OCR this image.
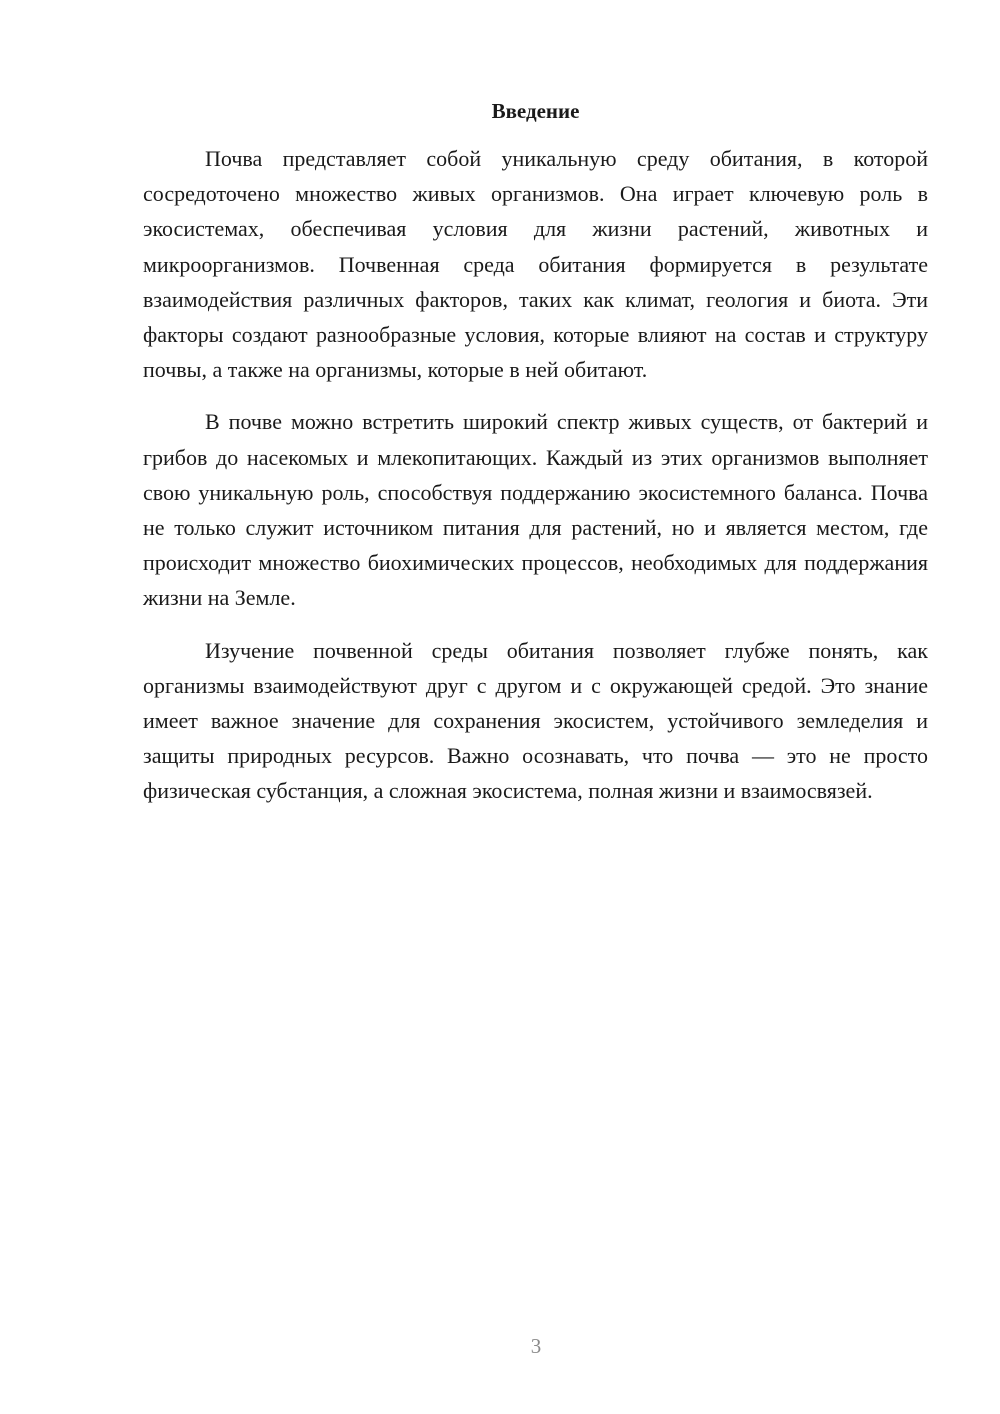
Введение

Почва представляет собой уникальную среду обитания, в которой сосредоточено множество живых организмов. Она играет ключевую роль в экосистемах, обеспечивая условия для жизни растений, животных и микроорганизмов. Почвенная среда обитания формируется в результате взаимодействия различных факторов, таких как климат, геология и биота. Эти факторы создают разнообразные условия, которые влияют на состав и структуру почвы, а также на организмы, которые в ней обитают.

В почве можно встретить широкий спектр живых существ, от бактерий и грибов до насекомых и млекопитающих. Каждый из этих организмов выполняет свою уникальную роль, способствуя поддержанию экосистемного баланса. Почва не только служит источником питания для растений, но и является местом, где происходит множество биохимических процессов, необходимых для поддержания жизни на Земле.

Изучение почвенной среды обитания позволяет глубже понять, как организмы взаимодействуют друг с другом и с окружающей средой. Это знание имеет важное значение для сохранения экосистем, устойчивого земледелия и защиты природных ресурсов. Важно осознавать, что почва — это не просто физическая субстанция, а сложная экосистема, полная жизни и взаимосвязей.

3
